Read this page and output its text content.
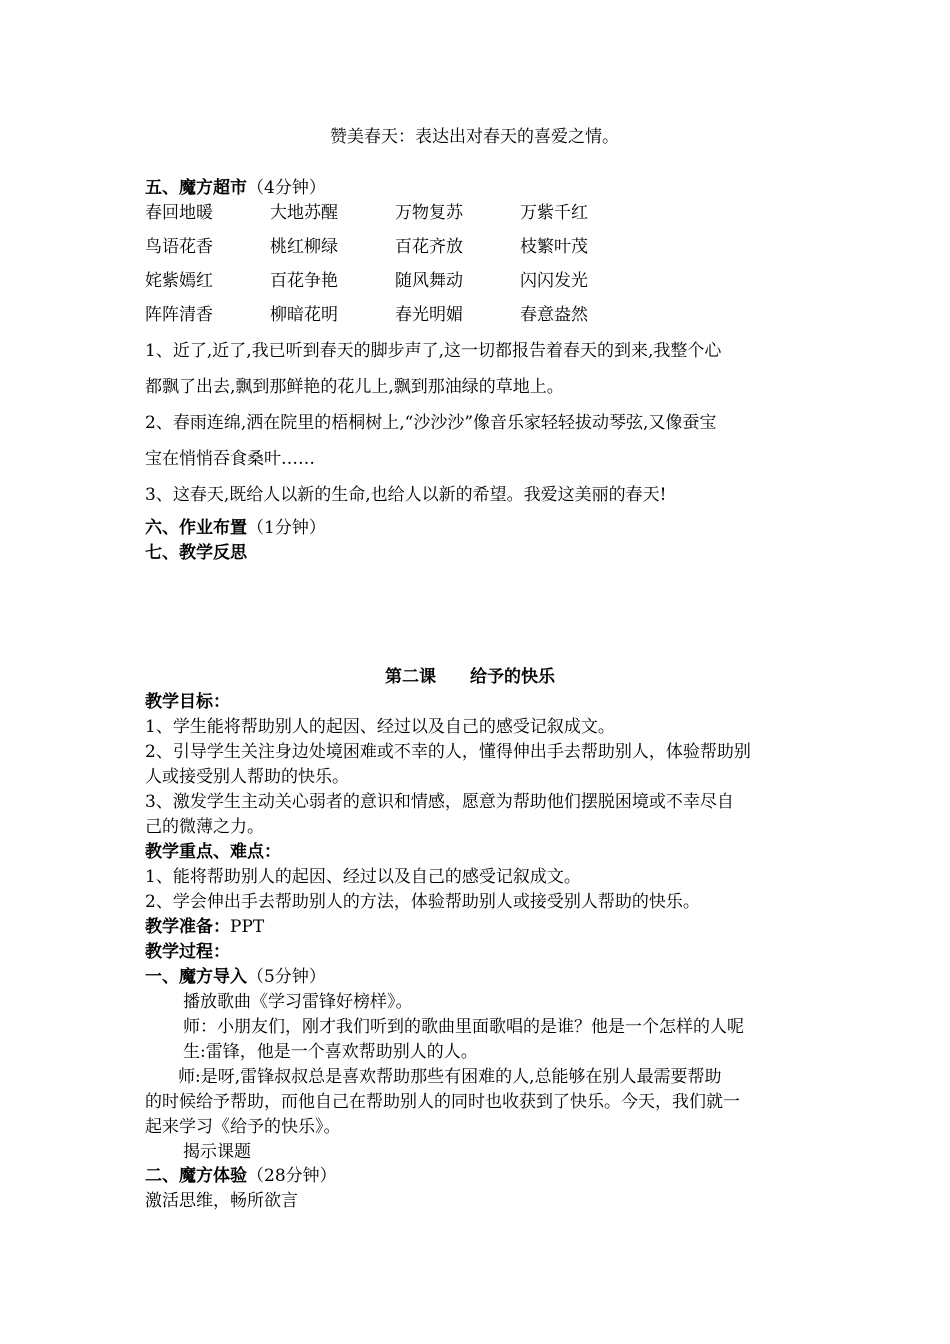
赞美春天：表达出对春天的喜爱之情。
五、魔方超市（4分钟）
春回地暖	大地苏醒	万物复苏	万紫千红
鸟语花香	桃红柳绿	百花齐放	枝繁叶茂
姹紫嫣红	百花争艳	随风舞动	闪闪发光
阵阵清香	柳暗花明	春光明媚	春意盎然
1、近了,近了,我已听到春天的脚步声了,这一切都报告着春天的到来,我整个心
都飘了出去,飘到那鲜艳的花儿上,飘到那油绿的草地上。
2、春雨连绵,洒在院里的梧桐树上,“沙沙沙”像音乐家轻轻拔动琴弦,又像蚕宝
宝在悄悄吞食桑叶……
3、这春天,既给人以新的生命,也给人以新的希望。我爱这美丽的春天!
六、作业布置（1分钟）
七、教学反思
第二课　　给予的快乐
教学目标：
1、学生能将帮助别人的起因、经过以及自己的感受记叙成文。
2、引导学生关注身边处境困难或不幸的人，懂得伸出手去帮助别人，体验帮助别
人或接受别人帮助的快乐。
3、激发学生主动关心弱者的意识和情感，愿意为帮助他们摆脱困境或不幸尽自
己的微薄之力。
教学重点、难点：
1、能将帮助别人的起因、经过以及自己的感受记叙成文。
2、学会伸出手去帮助别人的方法，体验帮助别人或接受别人帮助的快乐。
教学准备：PPT
教学过程：
一、魔方导入（5分钟）
播放歌曲《学习雷锋好榜样》。
师：小朋友们，刚才我们听到的歌曲里面歌唱的是谁？他是一个怎样的人呢
生:雷锋，他是一个喜欢帮助别人的人。
师:是呀,雷锋叔叔总是喜欢帮助那些有困难的人,总能够在别人最需要帮助
的时候给予帮助，而他自己在帮助别人的同时也收获到了快乐。今天，我们就一
起来学习《给予的快乐》。
揭示课题
二、魔方体验（28分钟）
激活思维，畅所欲言
